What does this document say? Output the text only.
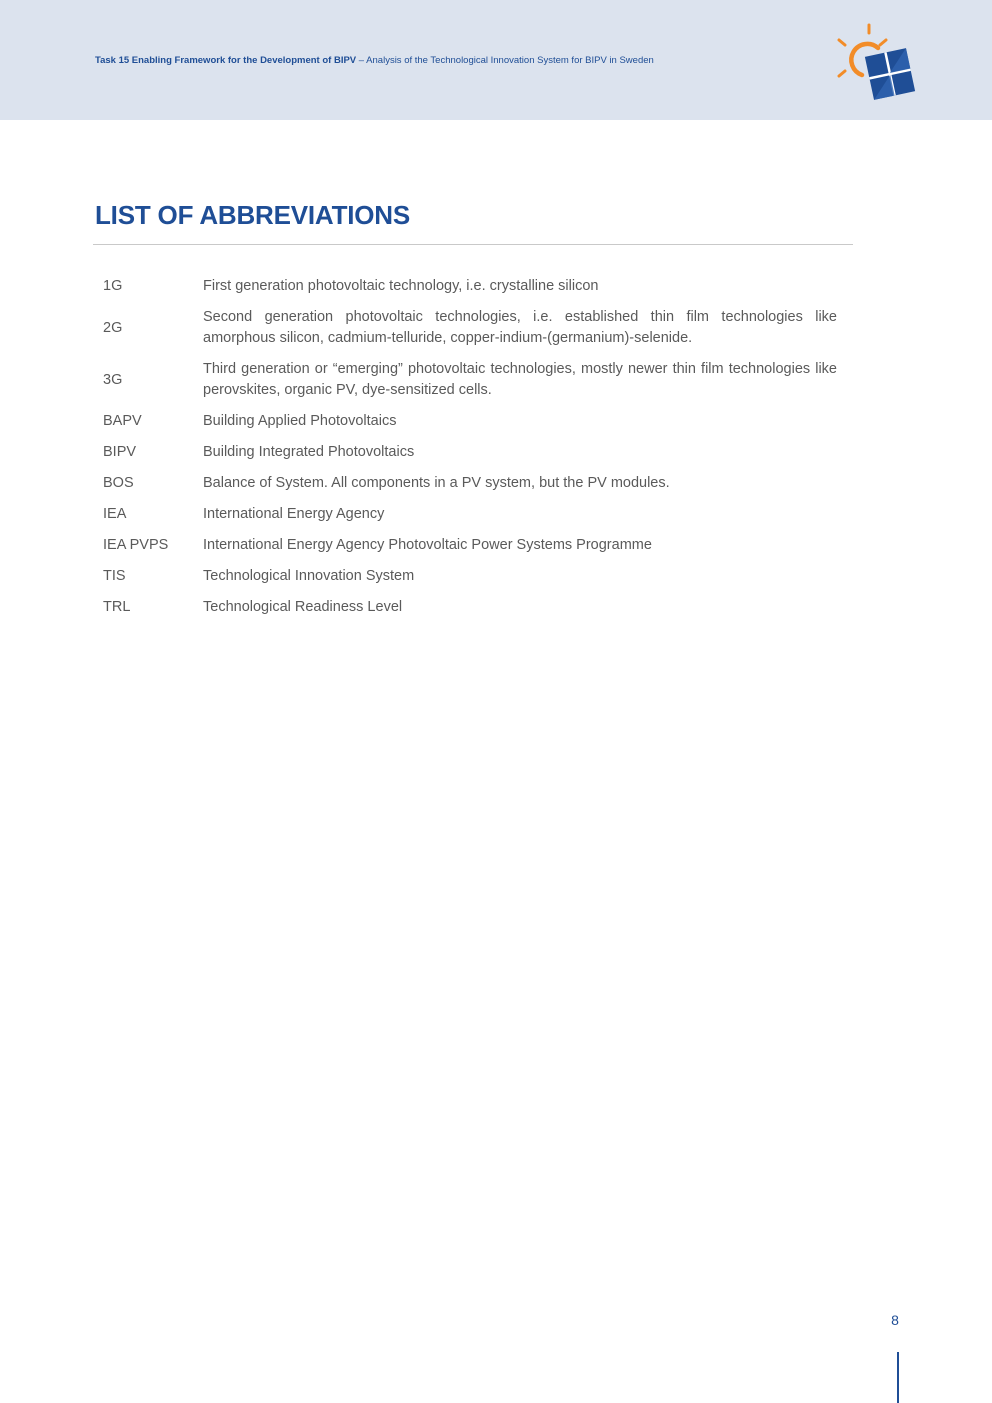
Task 15 Enabling Framework for the Development of BIPV – Analysis of the Technological Innovation System for BIPV in Sweden
LIST OF ABBREVIATIONS
1G	First generation photovoltaic technology, i.e. crystalline silicon
2G	Second generation photovoltaic technologies, i.e. established thin film technologies like amorphous silicon, cadmium-telluride, copper-indium-(germanium)-selenide.
3G	Third generation or “emerging” photovoltaic technologies, mostly newer thin film technologies like perovskites, organic PV, dye-sensitized cells.
BAPV	Building Applied Photovoltaics
BIPV	Building Integrated Photovoltaics
BOS	Balance of System. All components in a PV system, but the PV modules.
IEA	International Energy Agency
IEA PVPS	International Energy Agency Photovoltaic Power Systems Programme
TIS	Technological Innovation System
TRL	Technological Readiness Level
8
